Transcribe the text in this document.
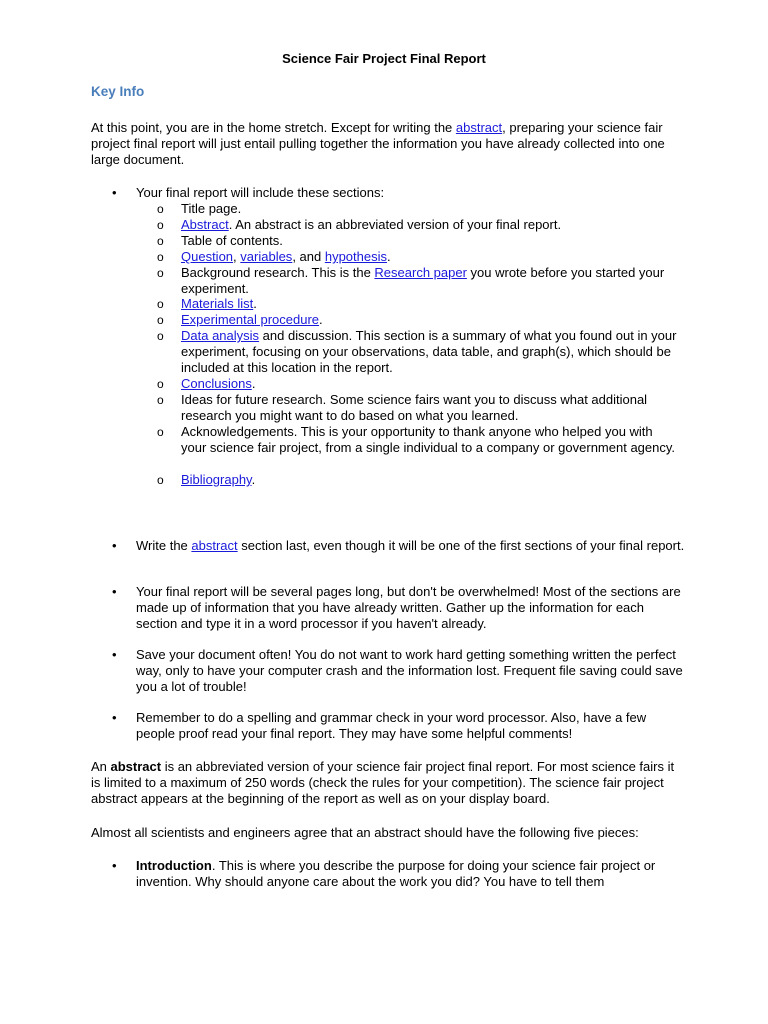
Science Fair Project Final Report
Key Info
At this point, you are in the home stretch. Except for writing the abstract, preparing your science fair project final report will just entail pulling together the information you have already collected into one large document.
• Your final report will include these sections:
o Title page.
o Abstract. An abstract is an abbreviated version of your final report.
o Table of contents.
o Question, variables, and hypothesis.
o Background research. This is the Research paper you wrote before you started your experiment.
o Materials list.
o Experimental procedure.
o Data analysis and discussion. This section is a summary of what you found out in your experiment, focusing on your observations, data table, and graph(s), which should be included at this location in the report.
o Conclusions.
o Ideas for future research. Some science fairs want you to discuss what additional research you might want to do based on what you learned.
o Acknowledgements. This is your opportunity to thank anyone who helped you with your science fair project, from a single individual to a company or government agency.
o Bibliography.
• Write the abstract section last, even though it will be one of the first sections of your final report.
• Your final report will be several pages long, but don't be overwhelmed! Most of the sections are made up of information that you have already written. Gather up the information for each section and type it in a word processor if you haven't already.
• Save your document often! You do not want to work hard getting something written the perfect way, only to have your computer crash and the information lost. Frequent file saving could save you a lot of trouble!
• Remember to do a spelling and grammar check in your word processor. Also, have a few people proof read your final report. They may have some helpful comments!
An abstract is an abbreviated version of your science fair project final report. For most science fairs it is limited to a maximum of 250 words (check the rules for your competition). The science fair project abstract appears at the beginning of the report as well as on your display board.
Almost all scientists and engineers agree that an abstract should have the following five pieces:
• Introduction. This is where you describe the purpose for doing your science fair project or invention. Why should anyone care about the work you did? You have to tell them
